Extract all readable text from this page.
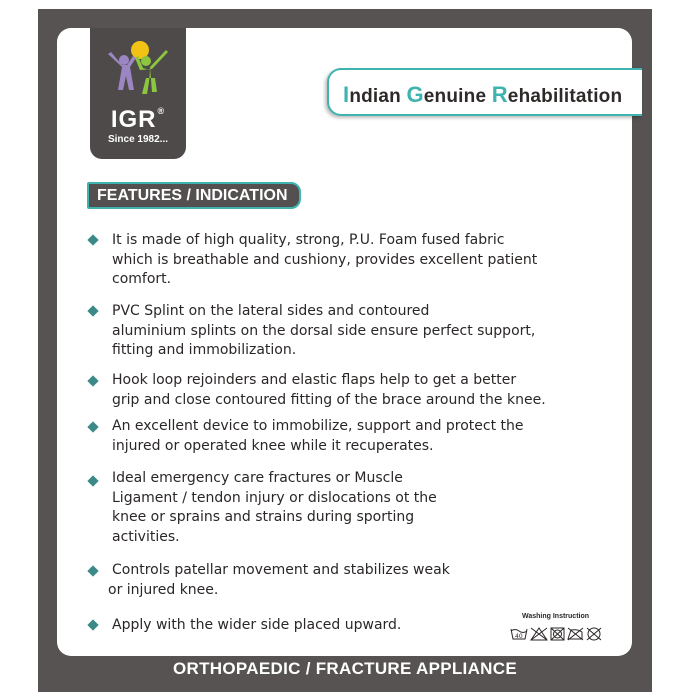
IGR®
Since 1982...
Indian Genuine Rehabilitation
FEATURES / INDICATION
It is made of high quality, strong, P.U. Foam fused fabric
which is breathable and cushiony, provides excellent patient
comfort.
PVC Splint on the lateral sides and contoured
aluminium splints on the dorsal side ensure perfect support,
fitting and immobilization.
Hook loop rejoinders and elastic flaps help to get a better
grip and close contoured fitting of the brace around the knee.
An excellent device to immobilize, support and protect the
injured or operated knee while it recuperates.
Ideal emergency care fractures or Muscle
Ligament / tendon injury or dislocations ot the
knee or sprains and strains during sporting
activities.
Controls patellar movement and stabilizes weak
or injured knee.
Apply with the wider side placed upward.
Washing Instruction
40
ORTHOPAEDIC / FRACTURE APPLIANCE
